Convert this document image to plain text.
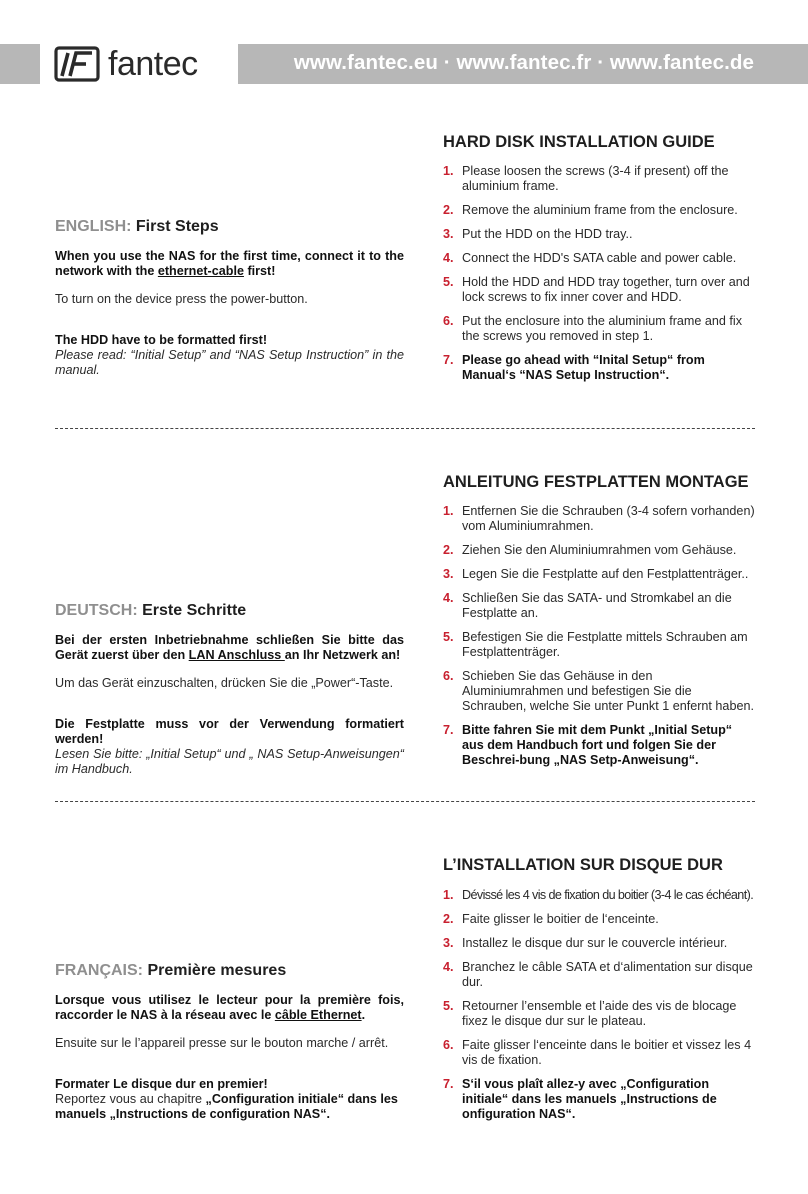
www.fantec.eu · www.fantec.fr · www.fantec.de
fantec
HARD DISK INSTALLATION GUIDE
1. Please loosen the screws (3-4 if present) off the aluminium frame.
2. Remove the aluminium frame from the enclosure.
3. Put the HDD on the HDD tray..
4. Connect the HDD's SATA cable and power cable.
5. Hold the HDD and HDD tray together, turn over and lock screws to fix inner cover and HDD.
6. Put the enclosure into the aluminium frame and fix the screws you removed in step 1.
7. Please go ahead with “Inital Setup“ from Manual‘s “NAS Setup Instruction“.
ENGLISH: First Steps
When you use the NAS for the first time, connect it to the network with the ethernet-cable first!
To turn on the device press the power-button.
The HDD have to be formatted first!
Please read: “Initial Setup” and “NAS Setup Instruction” in the manual.
ANLEITUNG FESTPLATTEN MONTAGE
1. Entfernen Sie die Schrauben (3-4 sofern vorhanden) vom Aluminiumrahmen.
2. Ziehen Sie den Aluminiumrahmen vom Gehäuse.
3. Legen Sie die Festplatte auf den Festplattenträger..
4. Schließen Sie das SATA- und Stromkabel an die Festplatte an.
5. Befestigen Sie die Festplatte mittels Schrauben am Festplattenträger.
6. Schieben Sie das Gehäuse in den Aluminiumrahmen und befestigen Sie die Schrauben, welche Sie unter Punkt 1 enfernt haben.
7. Bitte fahren Sie mit dem Punkt „Initial Setup“ aus dem Handbuch fort und folgen Sie der Beschrei-bung „NAS Setp-Anweisung“.
DEUTSCH: Erste Schritte
Bei der ersten Inbetriebnahme schließen Sie bitte das Gerät zuerst über den LAN Anschluss an Ihr Netzwerk an!
Um das Gerät einzuschalten, drücken Sie die „Power“-Taste.
Die Festplatte muss vor der Verwendung formatiert werden!
Lesen Sie bitte: „Initial Setup“ und „ NAS Setup-Anweisungen“ im Handbuch.
L’INSTALLATION SUR DISQUE DUR
1. Dévissé les 4 vis de fixation du boitier (3-4 le cas échéant).
2. Faite glisser le boitier de l‘enceinte.
3. Installez le disque dur sur le couvercle intérieur.
4. Branchez le câble SATA et d‘alimentation sur disque dur.
5. Retourner l’ensemble et l’aide des vis de blocage fixez le disque dur sur le plateau.
6. Faite glisser l‘enceinte dans le boitier et vissez les 4 vis de fixation.
7. S‘il vous plaît allez-y avec „Configuration initiale“ dans les manuels „Instructions de onfiguration NAS“.
FRANÇAIS: Première mesures
Lorsque vous utilisez le lecteur pour la première fois, raccorder le NAS à la réseau avec le câble Ethernet.
Ensuite sur le l’appareil presse sur le bouton marche / arrêt.
Formater Le disque dur en premier!
Reportez vous au chapitre „Configuration initiale“ dans les manuels „Instructions de configuration NAS“.
